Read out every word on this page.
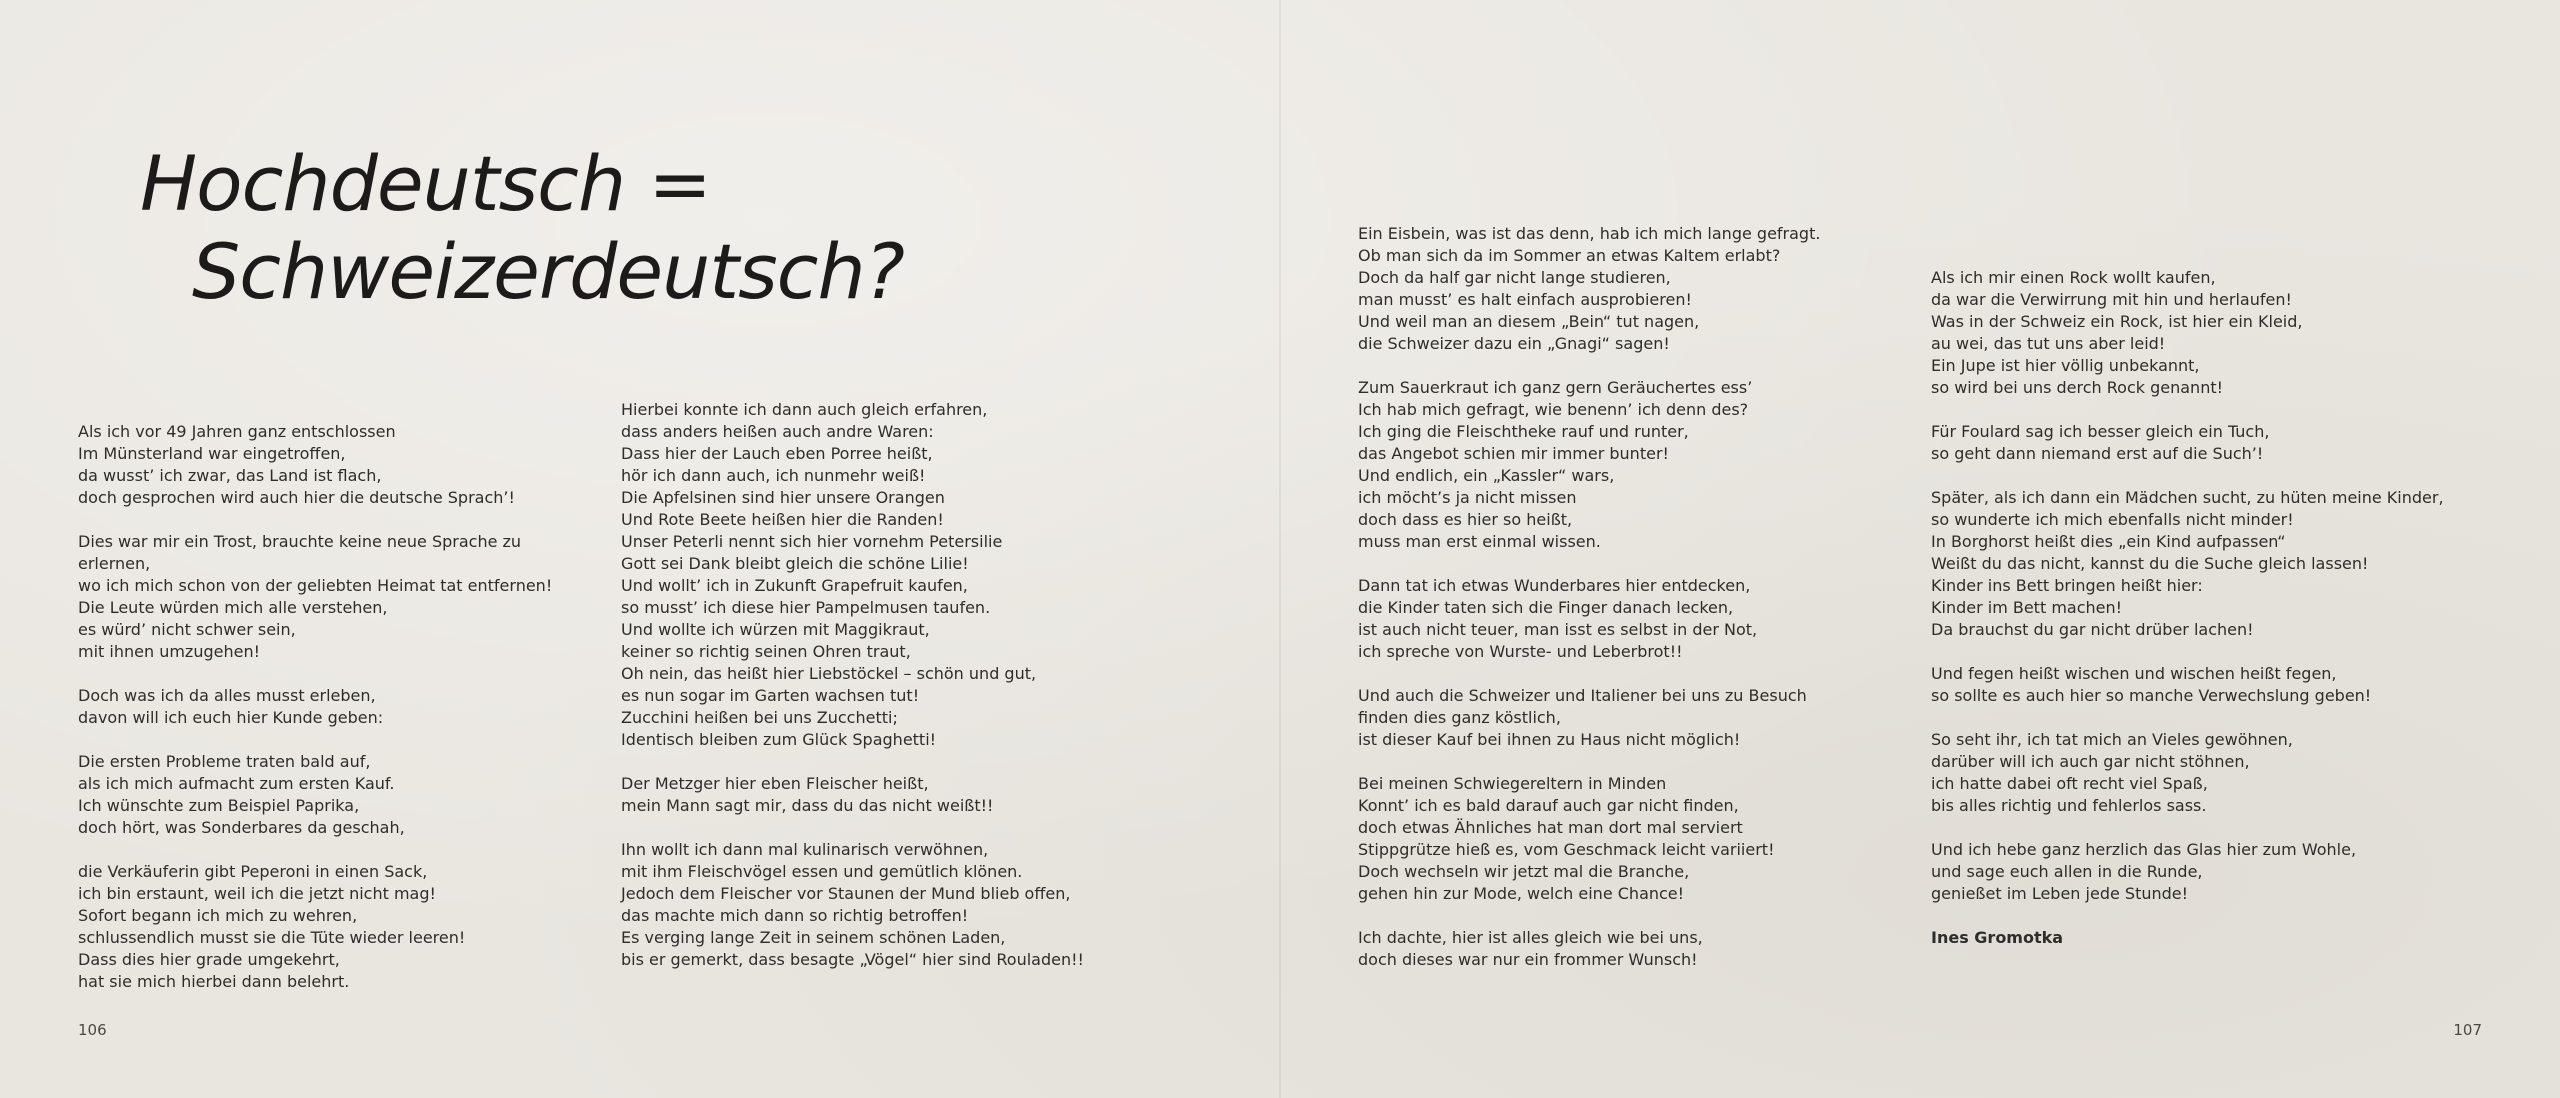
Hochdeutsch =
Schweizerdeutsch?

Als ich vor 49 Jahren ganz entschlossen
Im Münsterland war eingetroffen,
da wusst’ ich zwar, das Land ist flach,
doch gesprochen wird auch hier die deutsche Sprach’!

Dies war mir ein Trost, brauchte keine neue Sprache zu erlernen,
wo ich mich schon von der geliebten Heimat tat entfernen!
Die Leute würden mich alle verstehen,
es würd’ nicht schwer sein,
mit ihnen umzugehen!

Doch was ich da alles musst erleben,
davon will ich euch hier Kunde geben:

Die ersten Probleme traten bald auf,
als ich mich aufmacht zum ersten Kauf.
Ich wünschte zum Beispiel Paprika,
doch hört, was Sonderbares da geschah,

die Verkäuferin gibt Peperoni in einen Sack,
ich bin erstaunt, weil ich die jetzt nicht mag!
Sofort begann ich mich zu wehren,
schlussendlich musst sie die Tüte wieder leeren!
Dass dies hier grade umgekehrt,
hat sie mich hierbei dann belehrt.

Hierbei konnte ich dann auch gleich erfahren,
dass anders heißen auch andre Waren:
Dass hier der Lauch eben Porree heißt,
hör ich dann auch, ich nunmehr weiß!
Die Apfelsinen sind hier unsere Orangen
Und Rote Beete heißen hier die Randen!
Unser Peterli nennt sich hier vornehm Petersilie
Gott sei Dank bleibt gleich die schöne Lilie!
Und wollt’ ich in Zukunft Grapefruit kaufen,
so musst’ ich diese hier Pampelmusen taufen.
Und wollte ich würzen mit Maggikraut,
keiner so richtig seinen Ohren traut,
Oh nein, das heißt hier Liebstöckel – schön und gut,
es nun sogar im Garten wachsen tut!
Zucchini heißen bei uns Zucchetti;
Identisch bleiben zum Glück Spaghetti!

Der Metzger hier eben Fleischer heißt,
mein Mann sagt mir, dass du das nicht weißt!!

Ihn wollt ich dann mal kulinarisch verwöhnen,
mit ihm Fleischvögel essen und gemütlich klönen.
Jedoch dem Fleischer vor Staunen der Mund blieb offen,
das machte mich dann so richtig betroffen!
Es verging lange Zeit in seinem schönen Laden,
bis er gemerkt, dass besagte „Vögel“ hier sind Rouladen!!

Ein Eisbein, was ist das denn, hab ich mich lange gefragt.
Ob man sich da im Sommer an etwas Kaltem erlabt?
Doch da half gar nicht lange studieren,
man musst’ es halt einfach ausprobieren!
Und weil man an diesem „Bein“ tut nagen,
die Schweizer dazu ein „Gnagi“ sagen!

Zum Sauerkraut ich ganz gern Geräuchertes ess’
Ich hab mich gefragt, wie benenn’ ich denn des?
Ich ging die Fleischtheke rauf und runter,
das Angebot schien mir immer bunter!
Und endlich, ein „Kassler“ wars,
ich möcht’s ja nicht missen
doch dass es hier so heißt,
muss man erst einmal wissen.

Dann tat ich etwas Wunderbares hier entdecken,
die Kinder taten sich die Finger danach lecken,
ist auch nicht teuer, man isst es selbst in der Not,
ich spreche von Wurste- und Leberbrot!!

Und auch die Schweizer und Italiener bei uns zu Besuch
finden dies ganz köstlich,
ist dieser Kauf bei ihnen zu Haus nicht möglich!

Bei meinen Schwiegereltern in Minden
Konnt’ ich es bald darauf auch gar nicht finden,
doch etwas Ähnliches hat man dort mal serviert
Stippgrütze hieß es, vom Geschmack leicht variiert!
Doch wechseln wir jetzt mal die Branche,
gehen hin zur Mode, welch eine Chance!

Ich dachte, hier ist alles gleich wie bei uns,
doch dieses war nur ein frommer Wunsch!

Als ich mir einen Rock wollt kaufen,
da war die Verwirrung mit hin und herlaufen!
Was in der Schweiz ein Rock, ist hier ein Kleid,
au wei, das tut uns aber leid!
Ein Jupe ist hier völlig unbekannt,
so wird bei uns derch Rock genannt!

Für Foulard sag ich besser gleich ein Tuch,
so geht dann niemand erst auf die Such’!

Später, als ich dann ein Mädchen sucht, zu hüten meine Kinder,
so wunderte ich mich ebenfalls nicht minder!
In Borghorst heißt dies „ein Kind aufpassen“
Weißt du das nicht, kannst du die Suche gleich lassen!
Kinder ins Bett bringen heißt hier:
Kinder im Bett machen!
Da brauchst du gar nicht drüber lachen!

Und fegen heißt wischen und wischen heißt fegen,
so sollte es auch hier so manche Verwechslung geben!

So seht ihr, ich tat mich an Vieles gewöhnen,
darüber will ich auch gar nicht stöhnen,
ich hatte dabei oft recht viel Spaß,
bis alles richtig und fehlerlos sass.

Und ich hebe ganz herzlich das Glas hier zum Wohle,
und sage euch allen in die Runde,
genießet im Leben jede Stunde!

Ines Gromotka

106	107
